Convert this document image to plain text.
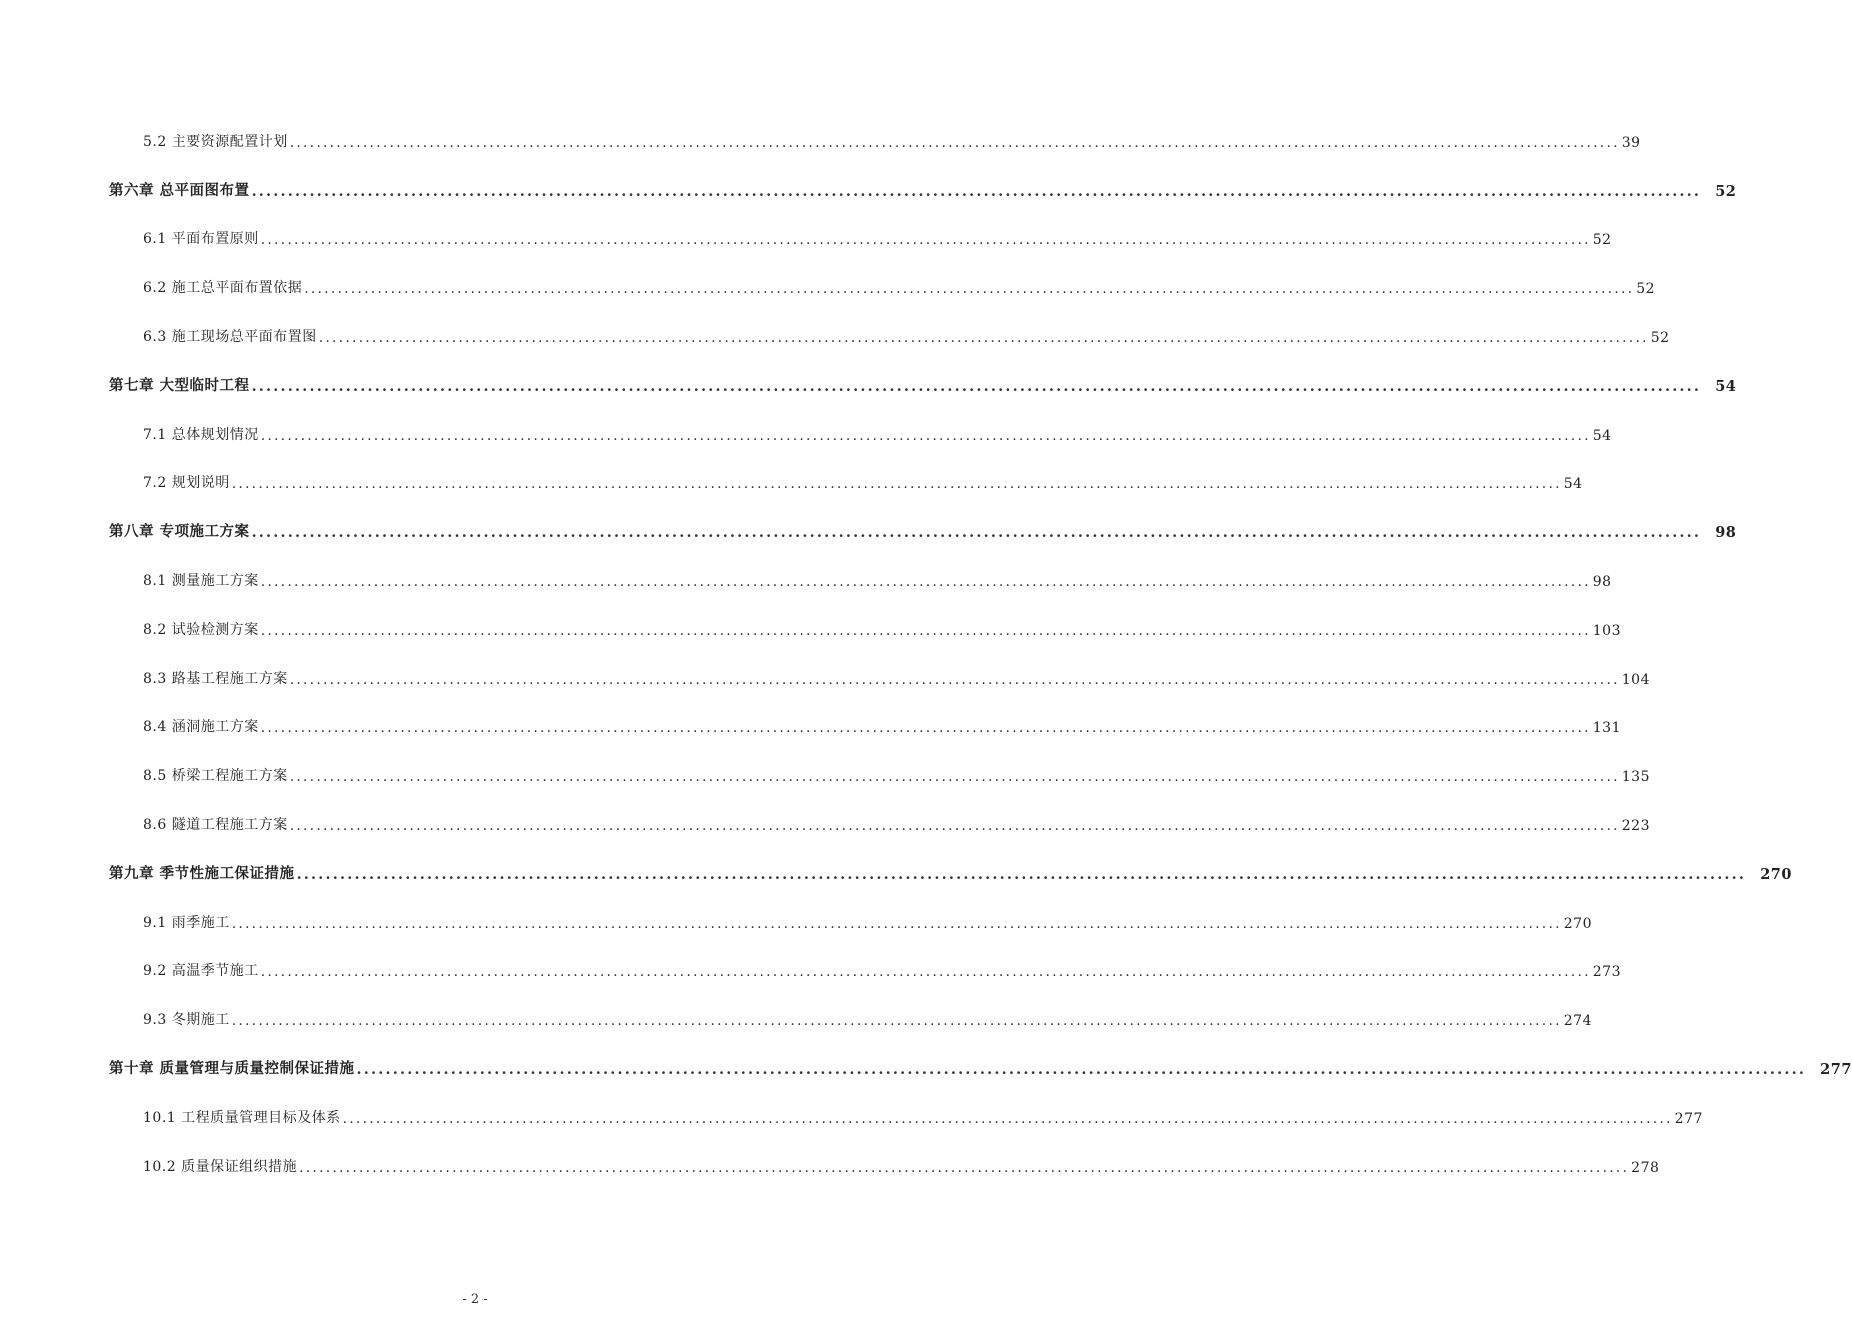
5.2 主要资源配置计划 ........................................................................................................................................................................................................ 39
第六章 总平面图布置 ........................................................................................................................................................................................................ 52
6.1 平面布置原则 ........................................................................................................................................................................................................ 52
6.2 施工总平面布置依据 ........................................................................................................................................................................................................ 52
6.3 施工现场总平面布置图 ........................................................................................................................................................................................................ 52
第七章 大型临时工程 ........................................................................................................................................................................................................ 54
7.1 总体规划情况 ........................................................................................................................................................................................................ 54
7.2 规划说明 ........................................................................................................................................................................................................ 54
第八章 专项施工方案 ........................................................................................................................................................................................................ 98
8.1 测量施工方案 ........................................................................................................................................................................................................ 98
8.2 试验检测方案 ........................................................................................................................................................................................................ 103
8.3 路基工程施工方案 ........................................................................................................................................................................................................ 104
8.4 涵洞施工方案 ........................................................................................................................................................................................................ 131
8.5 桥梁工程施工方案 ........................................................................................................................................................................................................ 135
8.6 隧道工程施工方案 ........................................................................................................................................................................................................ 223
第九章 季节性施工保证措施 ........................................................................................................................................................................................................ 270
9.1 雨季施工 ........................................................................................................................................................................................................ 270
9.2 高温季节施工 ........................................................................................................................................................................................................ 273
9.3 冬期施工 ........................................................................................................................................................................................................ 274
第十章 质量管理与质量控制保证措施 ........................................................................................................................................................................................................ 277
10.1 工程质量管理目标及体系 ........................................................................................................................................................................................................ 277
10.2 质量保证组织措施 ........................................................................................................................................................................................................ 278
- 2 -
